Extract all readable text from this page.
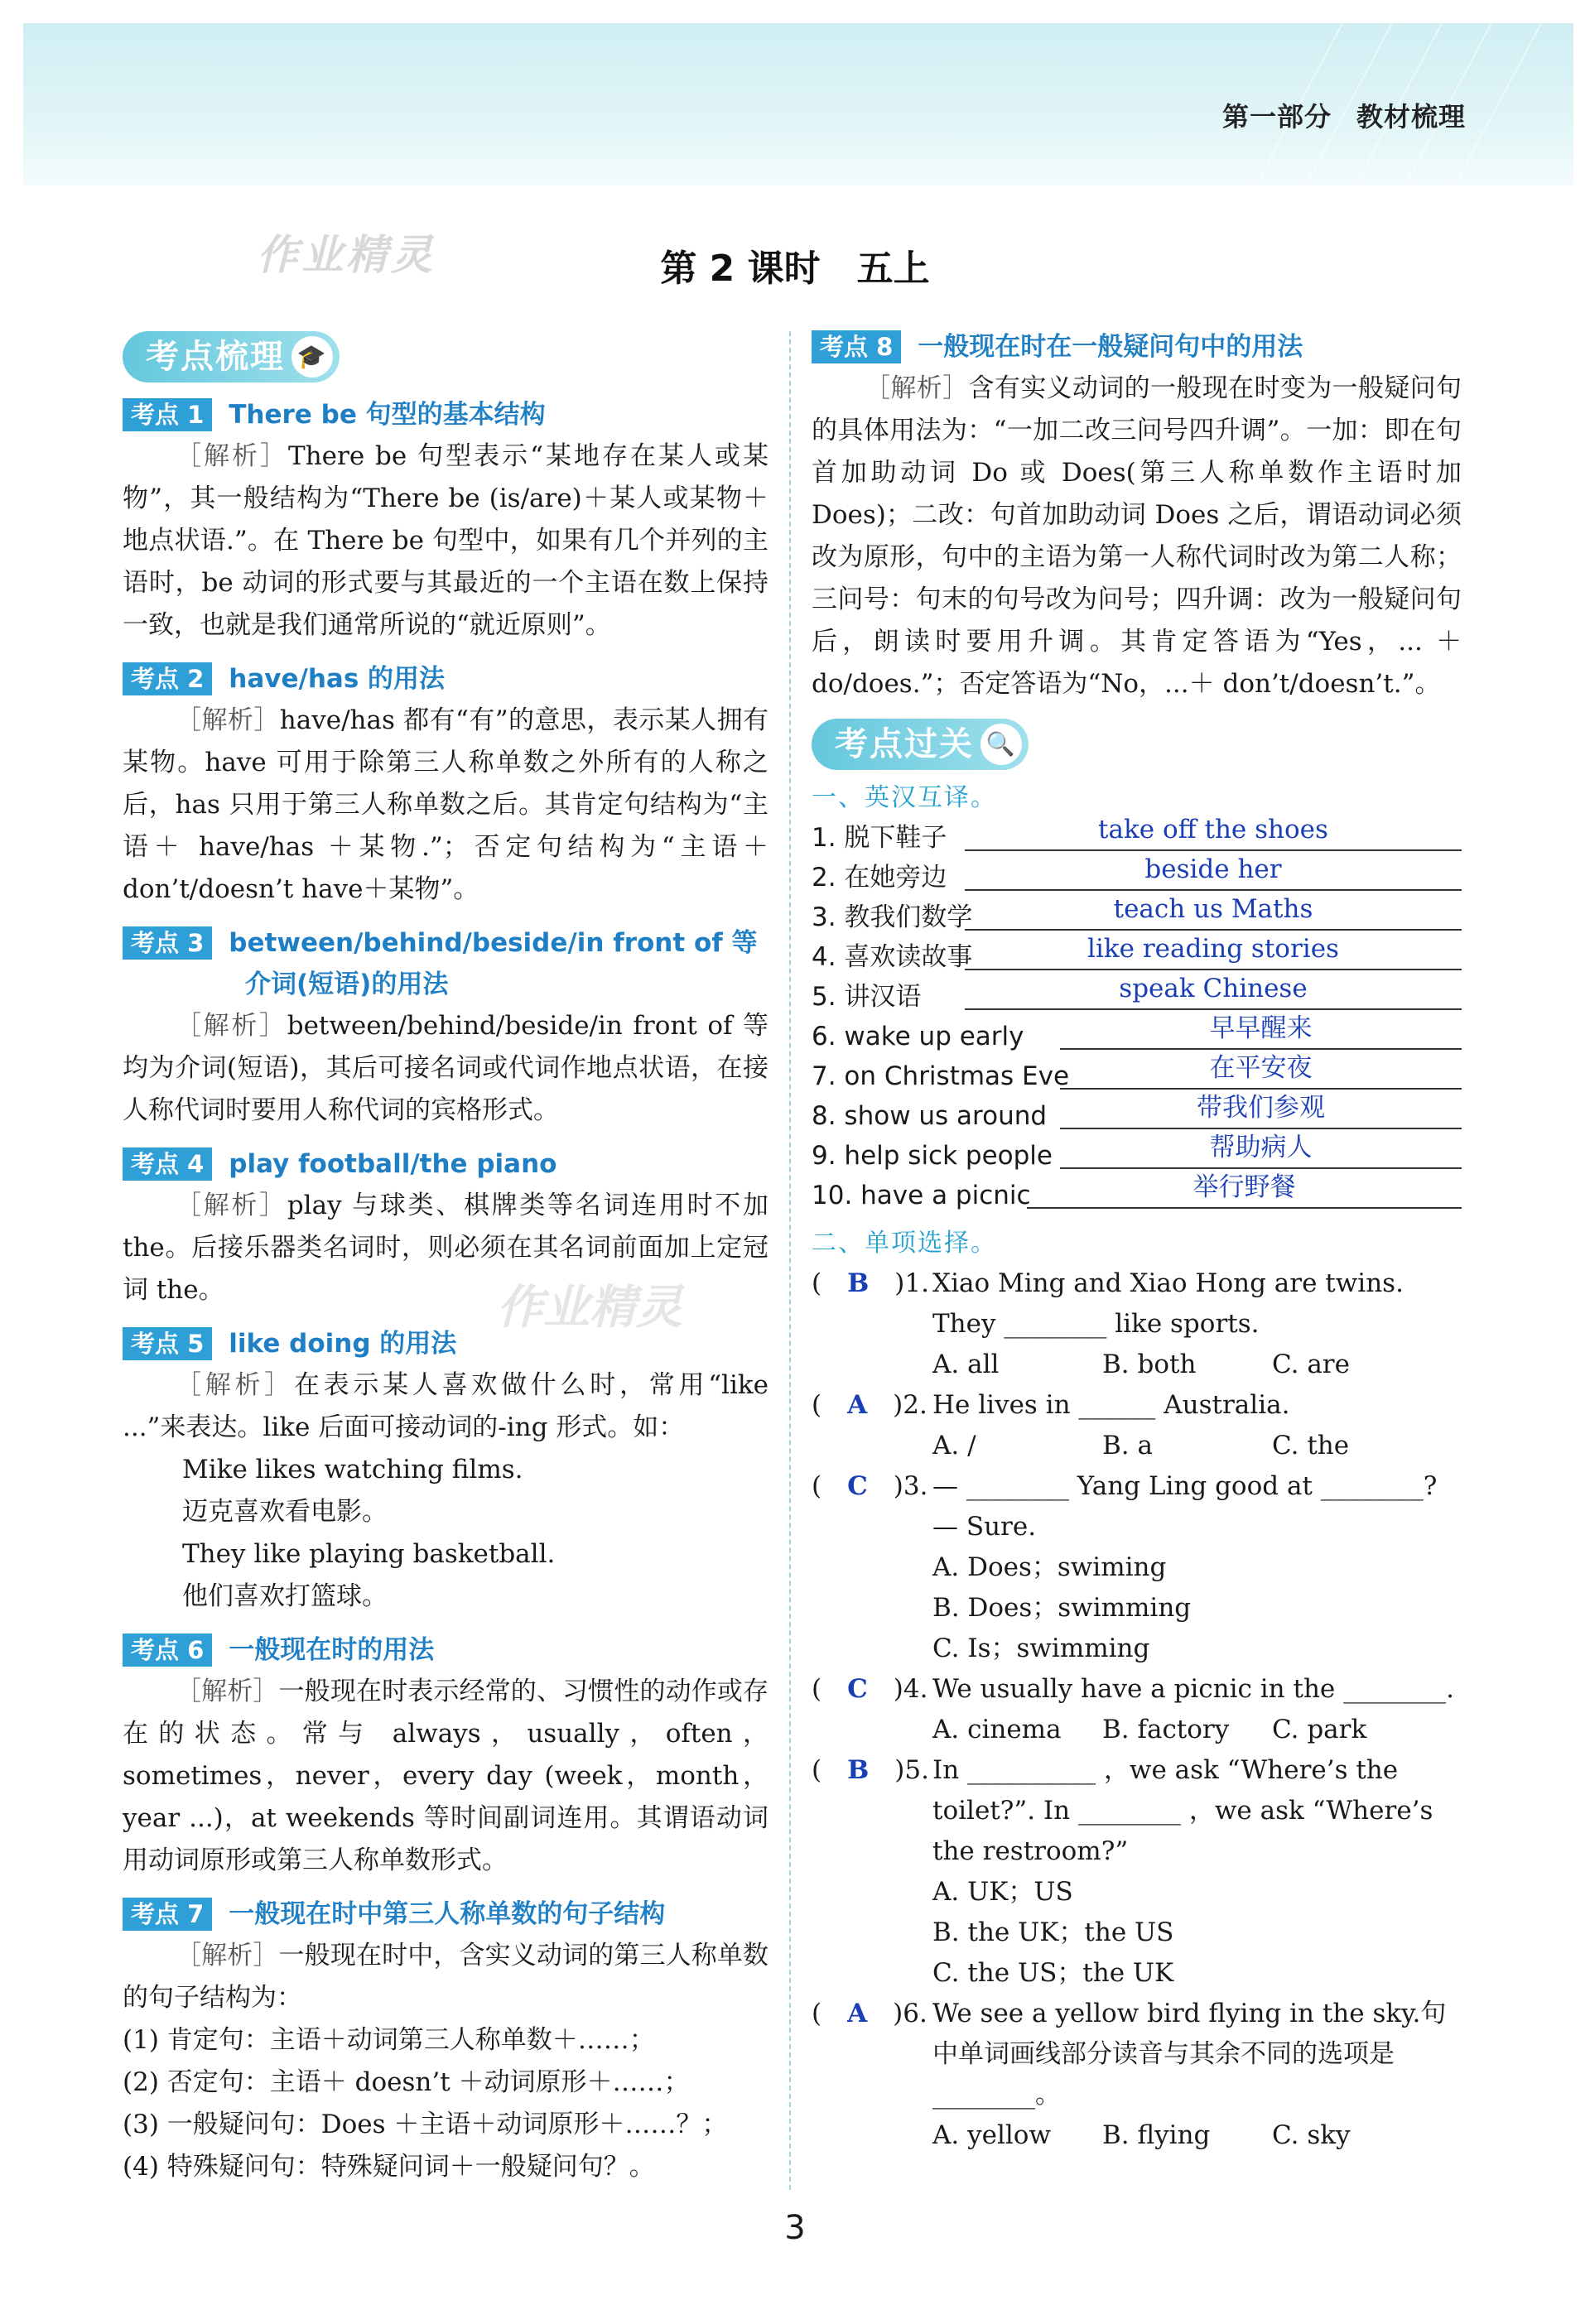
第一部分 教材梳理
作业精灵	第 2 课时　五上
考点梳理 🎓
考点 1 There be 句型的基本结构

［解析］There be 句型表示“某地存在某人或某物”，其一般结构为“There be (is/are)＋某人或某物＋地点状语.”。在 There be 句型中，如果有几个并列的主语时，be 动词的形式要与其最近的一个主语在数上保持一致，也就是我们通常所说的“就近原则”。

考点 2 have/has 的用法

［解析］have/has 都有“有”的意思，表示某人拥有某物。have 可用于除第三人称单数之外所有的人称之后，has 只用于第三人称单数之后。其肯定句结构为“主语＋ have/has ＋某物.”；否定句结构为“主语＋ don’t/doesn’t have＋某物”。

考点 3 between/behind/beside/in front of 等
介词(短语)的用法

［解析］between/behind/beside/in front of 等均为介词(短语)，其后可接名词或代词作地点状语，在接人称代词时要用人称代词的宾格形式。

考点 4 play football/the piano

［解析］play 与球类、棋牌类等名词连用时不加 the。后接乐器类名词时，则必须在其名词前面加上定冠词 the。

考点 5 like doing 的用法

［解析］在表示某人喜欢做什么时，常用“like ...”来表达。like 后面可接动词的-ing 形式。如：

Mike likes watching films.
迈克喜欢看电影。
They like playing basketball.
他们喜欢打篮球。
考点 6 一般现在时的用法

［解析］一般现在时表示经常的、习惯性的动作或存在的状态。常与 always，usually，often，sometimes，never，every day (week，month，year ...)，at weekends 等时间副词连用。其谓语动词用动词原形或第三人称单数形式。

考点 7 一般现在时中第三人称单数的句子结构

［解析］一般现在时中，含实义动词的第三人称单数的句子结构为：

(1) 肯定句：主语＋动词第三人称单数＋……；
(2) 否定句：主语＋ doesn’t ＋动词原形＋……；
(3) 一般疑问句：Does ＋主语＋动词原形＋……？；
(4) 特殊疑问句：特殊疑问词＋一般疑问句？。
考点 8 一般现在时在一般疑问句中的用法

［解析］含有实义动词的一般现在时变为一般疑问句的具体用法为：“一加二改三问号四升调”。一加：即在句首加助动词 Do 或 Does(第三人称单数作主语时加 Does)；二改：句首加助动词 Does 之后，谓语动词必须改为原形，句中的主语为第一人称代词时改为第二人称；三问号：句末的句号改为问号；四升调：改为一般疑问句后，朗读时要用升调。其肯定答语为“Yes，... ＋ do/does.”；否定答语为“No，...＋ don’t/doesn’t.”。

考点过关 🔍
一、英汉互译。
1. 脱下鞋子	take off the shoes
2. 在她旁边	beside her
3. 教我们数学	teach us Maths
4. 喜欢读故事	like reading stories
5. 讲汉语	speak Chinese
6. wake up early	早早醒来
7. on Christmas Eve	在平安夜
8. show us around	带我们参观
9. help sick people	帮助病人
10. have a picnic	举行野餐
二、单项选择。
(　B　)1. Xiao Ming and Xiao Hong are twins.
They ________ like sports.
A. all	B. both	C. are
(　A　)2. He lives in ______ Australia.
A. /	B. a	C. the
(　C　)3. — ________ Yang Ling good at ________?
— Sure.
A. Does；swiming
B. Does；swimming
C. Is；swimming
(　C　)4. We usually have a picnic in the ________.
A. cinema B. factory C. park
(　B　)5. In __________ ，we ask “Where’s the
toilet?”. In ________ ，we ask “Where’s
the restroom?”
A. UK；US
B. the UK；the US
C. the US；the UK
(　A　)6. We see a yellow bird flying in the sky.句
中单词画线部分读音与其余不同的选项是
________。
A. yellow B. flying C. sky
作业精灵
3
